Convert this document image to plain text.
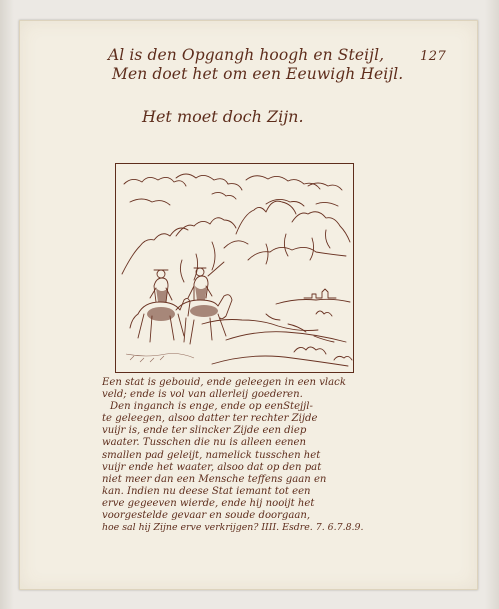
127
Al is den Opgangh hoogh en Steijl,
Men doet het om een Eeuwigh Heijl.
Het moet doch Zijn.
Een stat is gebouid, ende geleegen in een vlack
veld; ende is vol van allerleij goederen.
Den inganch is enge, ende op eenStejjl-
te geleegen, alsoo datter ter rechter Zijde
vuijr is, ende ter slincker Zijde een diep
waater. Tusschen die nu is alleen eenen
smallen pad geleijt, namelick tusschen het
vuijr ende het waater, alsoo dat op den pat
niet meer dan een Mensche teffens gaan en
kan. Indien nu deese Stat iemant tot een
erve gegeeven wierde, ende hij nooijt het
voorgestelde gevaar en soude doorgaan,
hoe sal hij Zijne erve verkrijgen? IIII. Esdre. 7. 6.7.8.9.
